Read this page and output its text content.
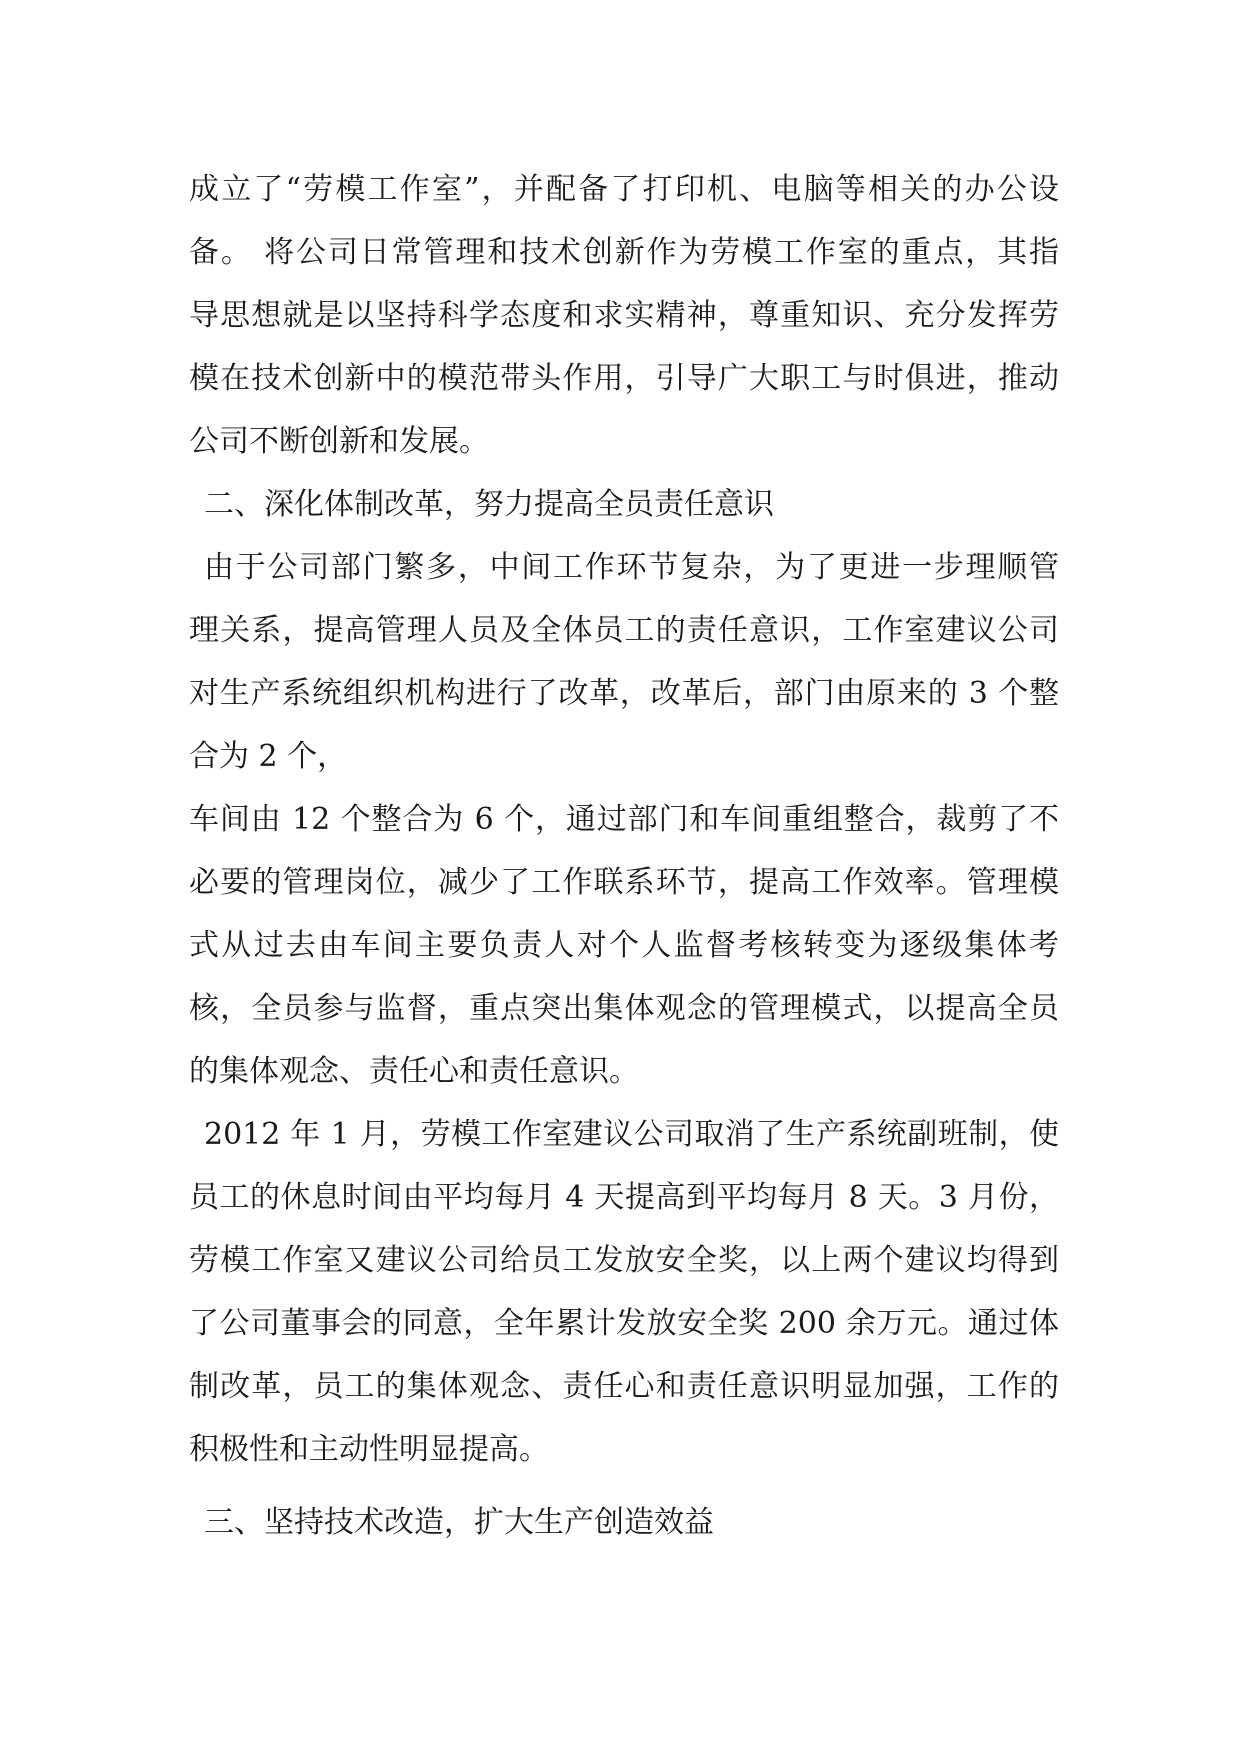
成立了“劳模工作室”，并配备了打印机、电脑等相关的办公设
备。 将公司日常管理和技术创新作为劳模工作室的重点，其指
导思想就是以坚持科学态度和求实精神，尊重知识、充分发挥劳
模在技术创新中的模范带头作用，引导广大职工与时俱进，推动
公司不断创新和发展。
二、深化体制改革，努力提高全员责任意识
由于公司部门繁多，中间工作环节复杂，为了更进一步理顺管
理关系，提高管理人员及全体员工的责任意识，工作室建议公司
对生产系统组织机构进行了改革，改革后，部门由原来的 3 个整
合为 2 个，
车间由 12 个整合为 6 个，通过部门和车间重组整合，裁剪了不
必要的管理岗位，减少了工作联系环节，提高工作效率。管理模
式从过去由车间主要负责人对个人监督考核转变为逐级集体考
核，全员参与监督，重点突出集体观念的管理模式，以提高全员
的集体观念、责任心和责任意识。
2012 年 1 月，劳模工作室建议公司取消了生产系统副班制，使
员工的休息时间由平均每月 4 天提高到平均每月 8 天。3 月份，
劳模工作室又建议公司给员工发放安全奖，以上两个建议均得到
了公司董事会的同意，全年累计发放安全奖 200 余万元。通过体
制改革，员工的集体观念、责任心和责任意识明显加强，工作的
积极性和主动性明显提高。
三、坚持技术改造，扩大生产创造效益
